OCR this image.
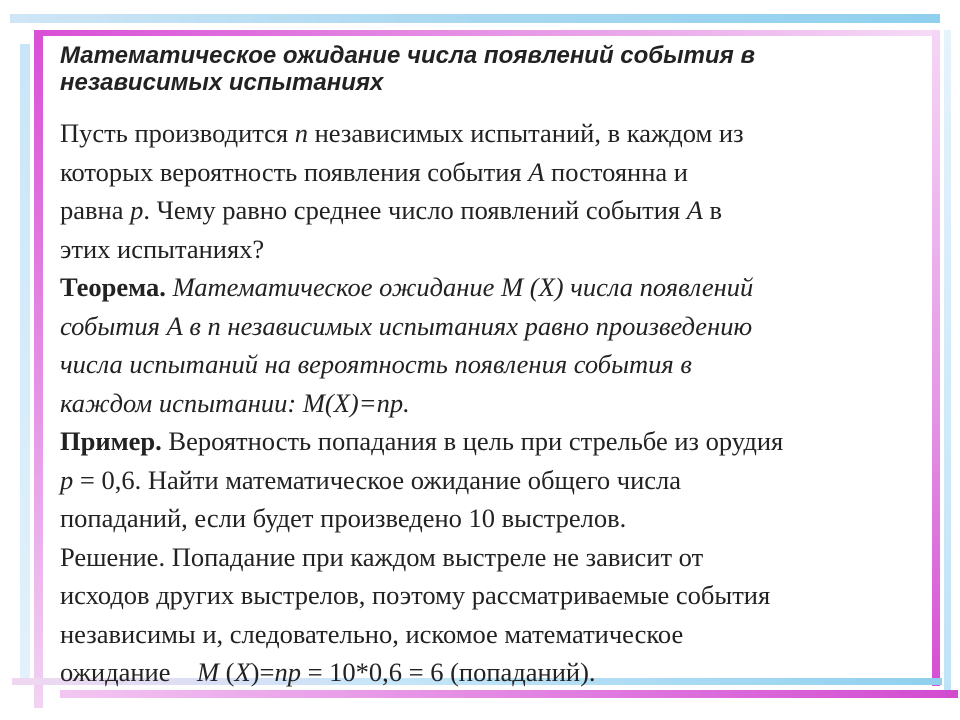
Математическое ожидание числа появлений события в
независимых испытаниях
Пусть производится n независимых испытаний, в каждом из
которых вероятность появления события А постоянна и
равна р. Чему равно среднее число появлений события А в
этих испытаниях?
Теорема. Математическое ожидание М (Х) числа появлений
события А в п независимых испытаниях равно произведению
числа испытаний на вероятность появления события в
каждом испытании: М(Х)=пр.
Пример. Вероятность попадания в цель при стрельбе из орудия
р = 0,6. Найти математическое ожидание общего числа
попаданий, если будет произведено 10 выстрелов.
Решение. Попадание при каждом выстреле не зависит от
исходов других выстрелов, поэтому рассматриваемые события
независимы и, следовательно, искомое математическое
ожидание    М (Х)=пр = 10*0,6 = 6 (попаданий).
